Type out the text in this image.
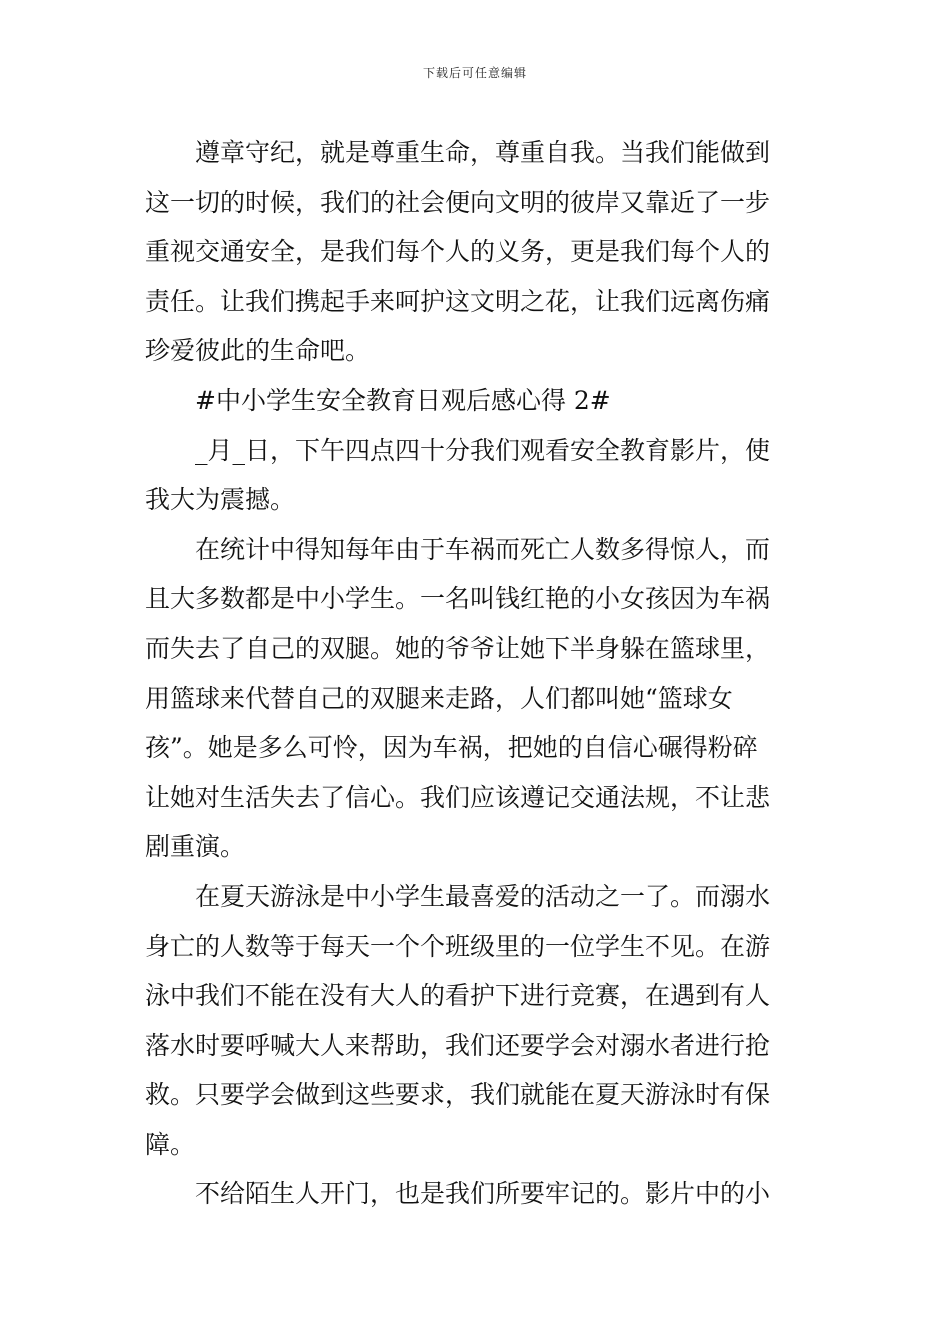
下载后可任意编辑
遵章守纪，就是尊重生命，尊重自我。当我们能做到
这一切的时候，我们的社会便向文明的彼岸又靠近了一步
重视交通安全，是我们每个人的义务，更是我们每个人的
责任。让我们携起手来呵护这文明之花，让我们远离伤痛
珍爱彼此的生命吧。
#中小学生安全教育日观后感心得 2#
_月_日，下午四点四十分我们观看安全教育影片，使
我大为震撼。
在统计中得知每年由于车祸而死亡人数多得惊人，而
且大多数都是中小学生。一名叫钱红艳的小女孩因为车祸
而失去了自己的双腿。她的爷爷让她下半身躲在篮球里，
用篮球来代替自己的双腿来走路，人们都叫她“篮球女
孩”。她是多么可怜，因为车祸，把她的自信心碾得粉碎
让她对生活失去了信心。我们应该遵记交通法规，不让悲
剧重演。
在夏天游泳是中小学生最喜爱的活动之一了。而溺水
身亡的人数等于每天一个个班级里的一位学生不见。在游
泳中我们不能在没有大人的看护下进行竞赛，在遇到有人
落水时要呼喊大人来帮助，我们还要学会对溺水者进行抢
救。只要学会做到这些要求，我们就能在夏天游泳时有保
障。
不给陌生人开门，也是我们所要牢记的。影片中的小
